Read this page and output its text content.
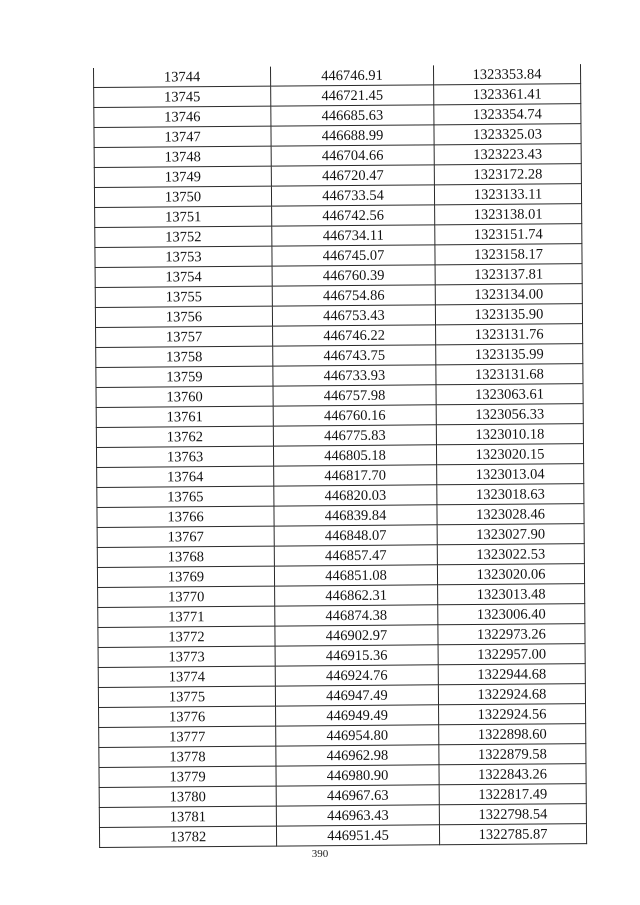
13744	446746.91	1323353.84
13745	446721.45	1323361.41
13746	446685.63	1323354.74
13747	446688.99	1323325.03
13748	446704.66	1323223.43
13749	446720.47	1323172.28
13750	446733.54	1323133.11
13751	446742.56	1323138.01
13752	446734.11	1323151.74
13753	446745.07	1323158.17
13754	446760.39	1323137.81
13755	446754.86	1323134.00
13756	446753.43	1323135.90
13757	446746.22	1323131.76
13758	446743.75	1323135.99
13759	446733.93	1323131.68
13760	446757.98	1323063.61
13761	446760.16	1323056.33
13762	446775.83	1323010.18
13763	446805.18	1323020.15
13764	446817.70	1323013.04
13765	446820.03	1323018.63
13766	446839.84	1323028.46
13767	446848.07	1323027.90
13768	446857.47	1323022.53
13769	446851.08	1323020.06
13770	446862.31	1323013.48
13771	446874.38	1323006.40
13772	446902.97	1322973.26
13773	446915.36	1322957.00
13774	446924.76	1322944.68
13775	446947.49	1322924.68
13776	446949.49	1322924.56
13777	446954.80	1322898.60
13778	446962.98	1322879.58
13779	446980.90	1322843.26
13780	446967.63	1322817.49
13781	446963.43	1322798.54
13782	446951.45	1322785.87
390
